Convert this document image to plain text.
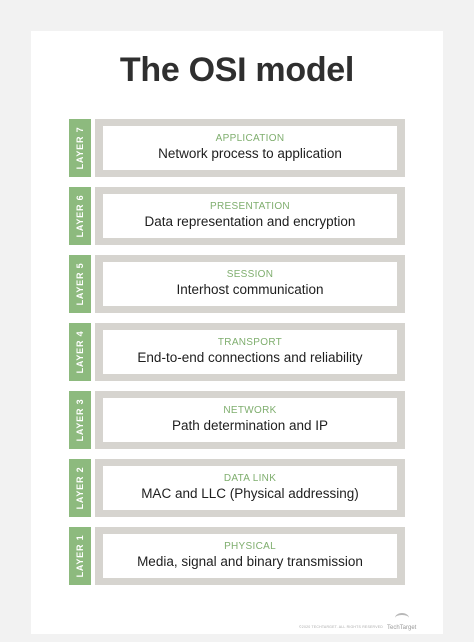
The OSI model
LAYER 7	APPLICATION
Network process to application
LAYER 6	PRESENTATION
Data representation and encryption
LAYER 5	SESSION
Interhost communication
LAYER 4	TRANSPORT
End-to-end connections and reliability
LAYER 3	NETWORK
Path determination and IP
LAYER 2	DATA LINK
MAC and LLC (Physical addressing)
LAYER 1	PHYSICAL
Media, signal and binary transmission
©2020 TECHTARGET. ALL RIGHTS RESERVED TechTarget
